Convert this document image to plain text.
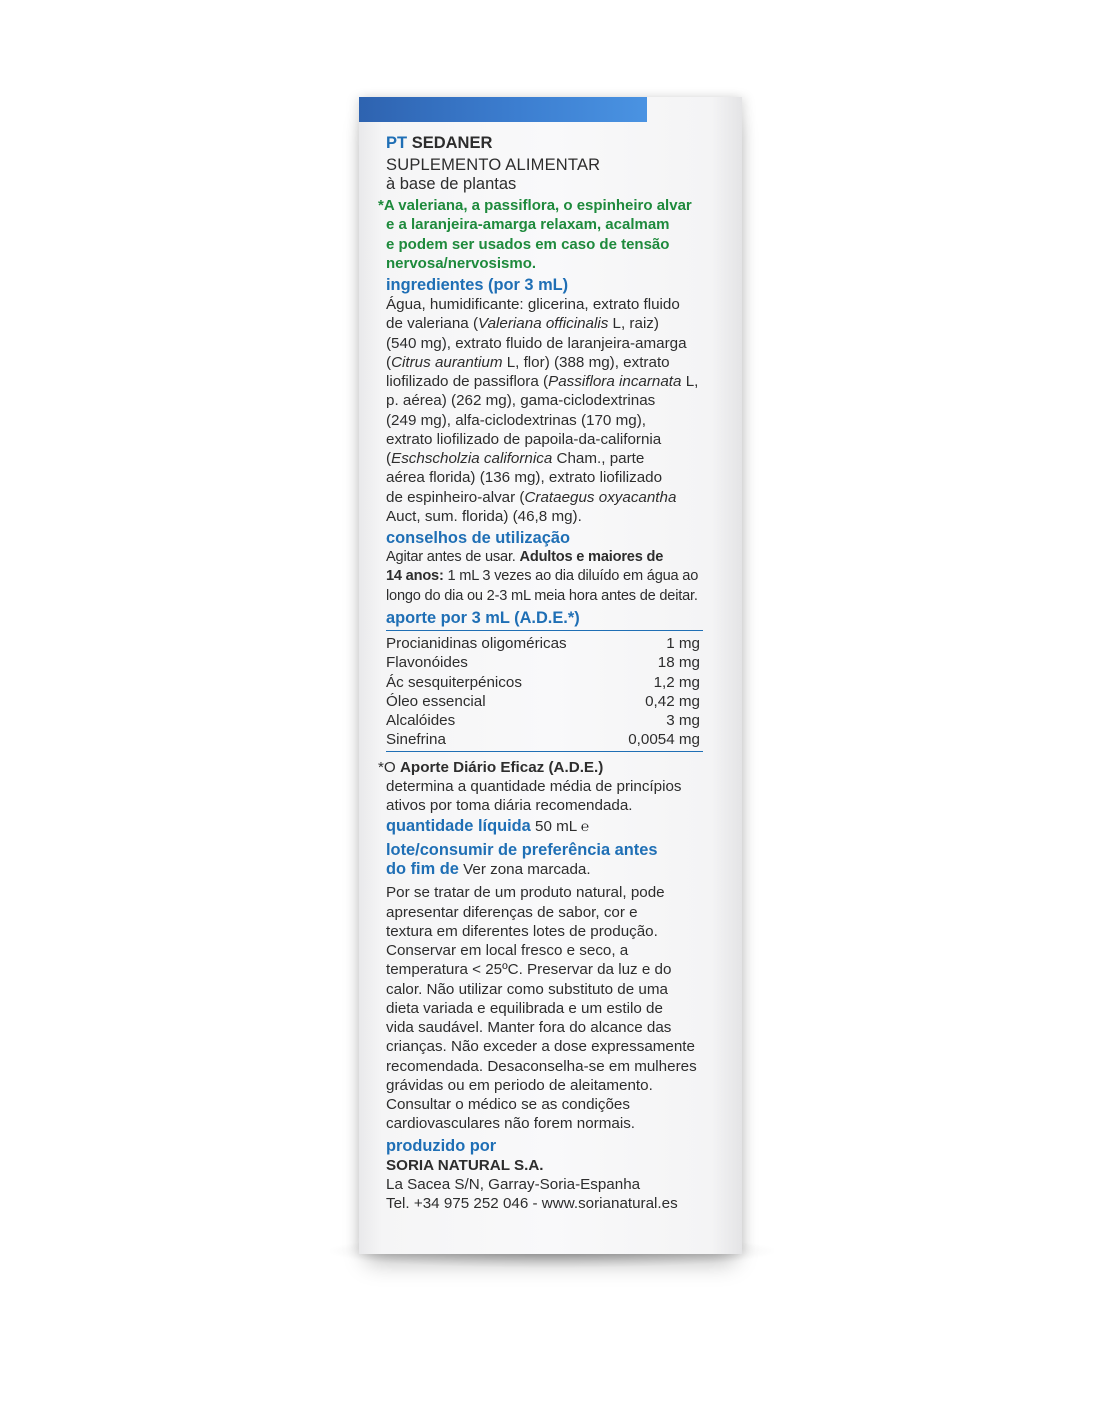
PT SEDANER
SUPLEMENTO ALIMENTAR
à base de plantas
*A valeriana, a passiflora, o espinheiro alvar
e a laranjeira-amarga relaxam, acalmam
e podem ser usados em caso de tensão
nervosa/nervosismo.
ingredientes (por 3 mL)
Água, humidificante: glicerina, extrato fluido
de valeriana (Valeriana officinalis L, raiz)
(540 mg), extrato fluido de laranjeira-amarga
(Citrus aurantium L, flor) (388 mg), extrato
liofilizado de passiflora (Passiflora incarnata L,
p. aérea) (262 mg), gama-ciclodextrinas
(249 mg), alfa-ciclodextrinas (170 mg),
extrato liofilizado de papoila-da-california
(Eschscholzia californica Cham., parte
aérea florida) (136 mg), extrato liofilizado
de espinheiro-alvar (Crataegus oxyacantha
Auct, sum. florida) (46,8 mg).
conselhos de utilização
Agitar antes de usar. Adultos e maiores de
14 anos: 1 mL 3 vezes ao dia diluído em água ao
longo do dia ou 2-3 mL meia hora antes de deitar.
aporte por 3 mL (A.D.E.*)
Procianidinas oligoméricas	1 mg
Flavonóides	18 mg
Ác sesquiterpénicos	1,2 mg
Óleo essencial	0,42 mg
Alcalóides	3 mg
Sinefrina	0,0054 mg
*O Aporte Diário Eficaz (A.D.E.)
determina a quantidade média de princípios
ativos por toma diária recomendada.
quantidade líquida 50 mL ℮
lote/consumir de preferência antes
do fim de Ver zona marcada.
Por se tratar de um produto natural, pode
apresentar diferenças de sabor, cor e
textura em diferentes lotes de produção.
Conservar em local fresco e seco, a
temperatura < 25ºC. Preservar da luz e do
calor. Não utilizar como substituto de uma
dieta variada e equilibrada e um estilo de
vida saudável. Manter fora do alcance das
crianças. Não exceder a dose expressamente
recomendada. Desaconselha-se em mulheres
grávidas ou em periodo de aleitamento.
Consultar o médico se as condições
cardiovasculares não forem normais.
produzido por
SORIA NATURAL S.A.
La Sacea S/N, Garray-Soria-Espanha
Tel. +34 975 252 046 - www.sorianatural.es
